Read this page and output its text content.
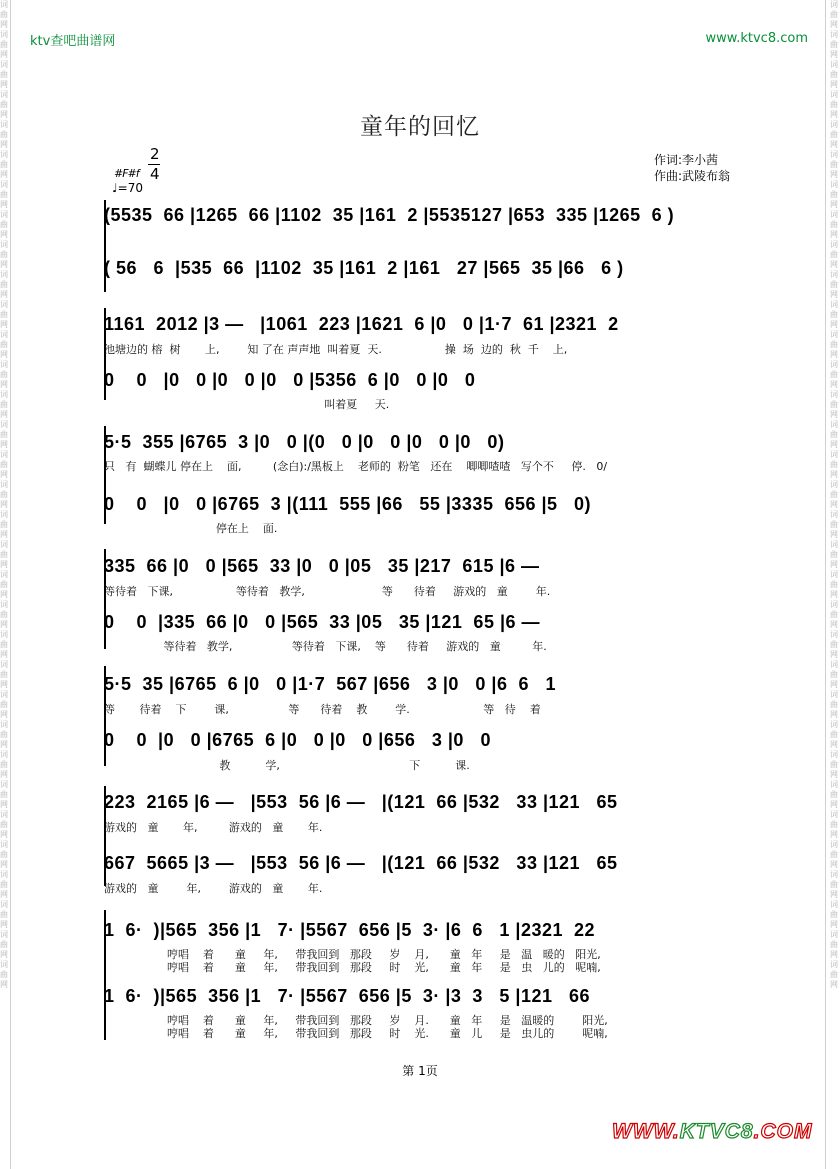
词曲网词曲网词曲网词曲网词曲网词曲网词曲网词曲网词曲网词曲网词曲网词曲网词曲网词曲网词曲网词曲网词曲网词曲网词曲网词曲网词曲网词曲网词曲网词曲网词曲网词曲网词曲网词曲网词曲网词曲网词曲网词曲网词曲网
词曲网词曲网词曲网词曲网词曲网词曲网词曲网词曲网词曲网词曲网词曲网词曲网词曲网词曲网词曲网词曲网词曲网词曲网词曲网词曲网词曲网词曲网词曲网词曲网词曲网词曲网词曲网词曲网词曲网词曲网词曲网词曲网词曲网
ktv查吧曲谱网	www.ktvc8.com
童年的回忆
2
4
#F#f
♩=70
作词:李小茜
作曲:武陵布翁
(5535  66 |1265  66 |1102  35 |161  2 |5535127 |653  335 |1265  6 )
( 56   6  |535  66  |1102  35 |161  2 |161   27 |565  35 |66   6 )
1161  2012 |3 —   |1061  223 |1621  6 |0   0 |1·7  61 |2321  2
池塘边的 榕  树       上,        知 了在 声声地  叫着夏  天.                  操  场  边的  秋  千    上,
0    0   |0   0 |0   0 |0   0 |5356  6 |0   0 |0   0
叫着夏     天.
5·5  355 |6765  3 |0   0 |(0   0 |0   0 |0   0 |0   0)
只   有  蝴蝶儿 停在上    面,         (念白):/黑板上    老师的  粉笔   还在    唧唧喳喳   写个不     停.   0/
0    0   |0   0 |6765  3 |(111  555 |66   55 |3335  656 |5   0)
停在上    面.
335  66 |0   0 |565  33 |0   0 |05   35 |217  615 |6 —
等待着   下课,                  等待着   教学,                      等      待着     游戏的   童        年.
0    0  |335  66 |0   0 |565  33 |05   35 |121  65 |6 —
等待着   教学,                 等待着   下课,    等      待着     游戏的   童         年.
5·5  35 |6765  6 |0   0 |1·7  567 |656   3 |0   0 |6  6   1
等       待着    下        课,                 等      待着    教        学.                     等   待    着
0    0  |0   0 |6765  6 |0   0 |0   0 |656   3 |0   0
教          学,                                     下          课.
223  2165 |6 —   |553  56 |6 —   |(121  66 |532   33 |121   65
游戏的   童       年,         游戏的   童       年.
667  5665 |3 —   |553  56 |6 —   |(121  66 |532   33 |121   65
游戏的   童        年,        游戏的   童       年.
1  6·  )|565  356 |1   7· |5567  656 |5  3· |6  6   1 |2321  22
哼唱    着      童     年,     带我回到   那段     岁    月,      童   年     是   温   暖的   阳光,
哼唱    着      童     年,     带我回到   那段     时    光,      童   年     是   虫   儿的   呢喃,
1  6·  )|565  356 |1   7· |5567  656 |5  3· |3  3   5 |121   66
哼唱    着      童     年,     带我回到   那段     岁    月.      童   年     是   温暖的        阳光,
哼唱    着      童     年,     带我回到   那段     时    光.      童   儿     是   虫儿的        呢喃,
第 1页
WWW.KTVC8.COM
